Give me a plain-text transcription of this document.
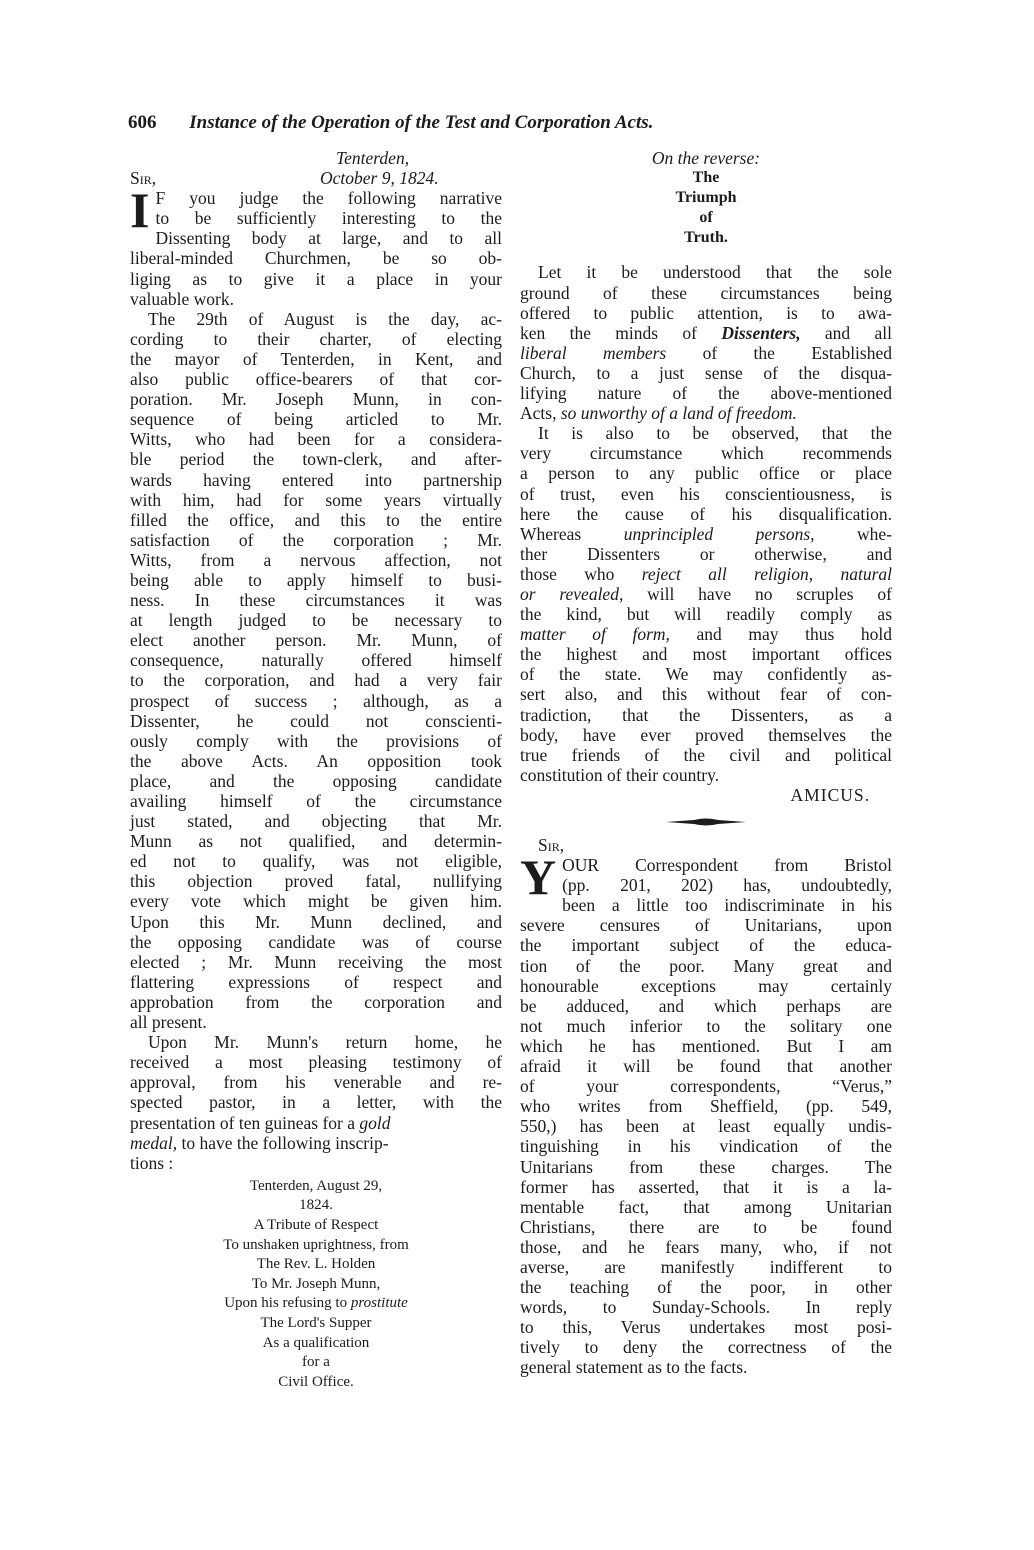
606 Instance of the Operation of the Test and Corporation Acts.
Tenterden,
Sir,	October 9, 1824.
I F you judge the following narrative
to be sufficiently interesting to the
Dissenting body at large, and to all
liberal-minded Churchmen, be so ob-
liging as to give it a place in your
valuable work.
The 29th of August is the day, ac-
cording to their charter, of electing
the mayor of Tenterden, in Kent, and
also public office-bearers of that cor-
poration. Mr. Joseph Munn, in con-
sequence of being articled to Mr.
Witts, who had been for a considera-
ble period the town-clerk, and after-
wards having entered into partnership
with him, had for some years virtually
filled the office, and this to the entire
satisfaction of the corporation ; Mr.
Witts, from a nervous affection, not
being able to apply himself to busi-
ness. In these circumstances it was
at length judged to be necessary to
elect another person. Mr. Munn, of
consequence, naturally offered himself
to the corporation, and had a very fair
prospect of success ; although, as a
Dissenter, he could not conscienti-
ously comply with the provisions of
the above Acts. An opposition took
place, and the opposing candidate
availing himself of the circumstance
just stated, and objecting that Mr.
Munn as not qualified, and determin-
ed not to qualify, was not eligible,
this objection proved fatal, nullifying
every vote which might be given him.
Upon this Mr. Munn declined, and
the opposing candidate was of course
elected ; Mr. Munn receiving the most
flattering expressions of respect and
approbation from the corporation and
all present.
Upon Mr. Munn's return home, he
received a most pleasing testimony of
approval, from his venerable and re-
spected pastor, in a letter, with the
presentation of ten guineas for a gold
medal, to have the following inscrip-
tions :
Tenterden, August 29,
1824.
A Tribute of Respect
To unshaken uprightness, from
The Rev. L. Holden
To Mr. Joseph Munn,
Upon his refusing to prostitute
The Lord's Supper
As a qualification
for a
Civil Office.
On the reverse:
The
Triumph
of
Truth.
Let it be understood that the sole
ground of these circumstances being
offered to public attention, is to awa-
ken the minds of Dissenters, and all
liberal members of the Established
Church, to a just sense of the disqua-
lifying nature of the above-mentioned
Acts, so unworthy of a land of freedom.
It is also to be observed, that the
very circumstance which recommends
a person to any public office or place
of trust, even his conscientiousness, is
here the cause of his disqualification.
Whereas unprincipled persons, whe-
ther Dissenters or otherwise, and
those who reject all religion, natural
or revealed, will have no scruples of
the kind, but will readily comply as
matter of form, and may thus hold
the highest and most important offices
of the state. We may confidently as-
sert also, and this without fear of con-
tradiction, that the Dissenters, as a
body, have ever proved themselves the
true friends of the civil and political
constitution of their country.
AMICUS.
Sir,
Y OUR Correspondent from Bristol
(pp. 201, 202) has, undoubtedly,
been a little too indiscriminate in his
severe censures of Unitarians, upon
the important subject of the educa-
tion of the poor. Many great and
honourable exceptions may certainly
be adduced, and which perhaps are
not much inferior to the solitary one
which he has mentioned. But I am
afraid it will be found that another
of your correspondents, “Verus,”
who writes from Sheffield, (pp. 549,
550,) has been at least equally undis-
tinguishing in his vindication of the
Unitarians from these charges. The
former has asserted, that it is a la-
mentable fact, that among Unitarian
Christians, there are to be found
those, and he fears many, who, if not
averse, are manifestly indifferent to
the teaching of the poor, in other
words, to Sunday-Schools. In reply
to this, Verus undertakes most posi-
tively to deny the correctness of the
general statement as to the facts.
